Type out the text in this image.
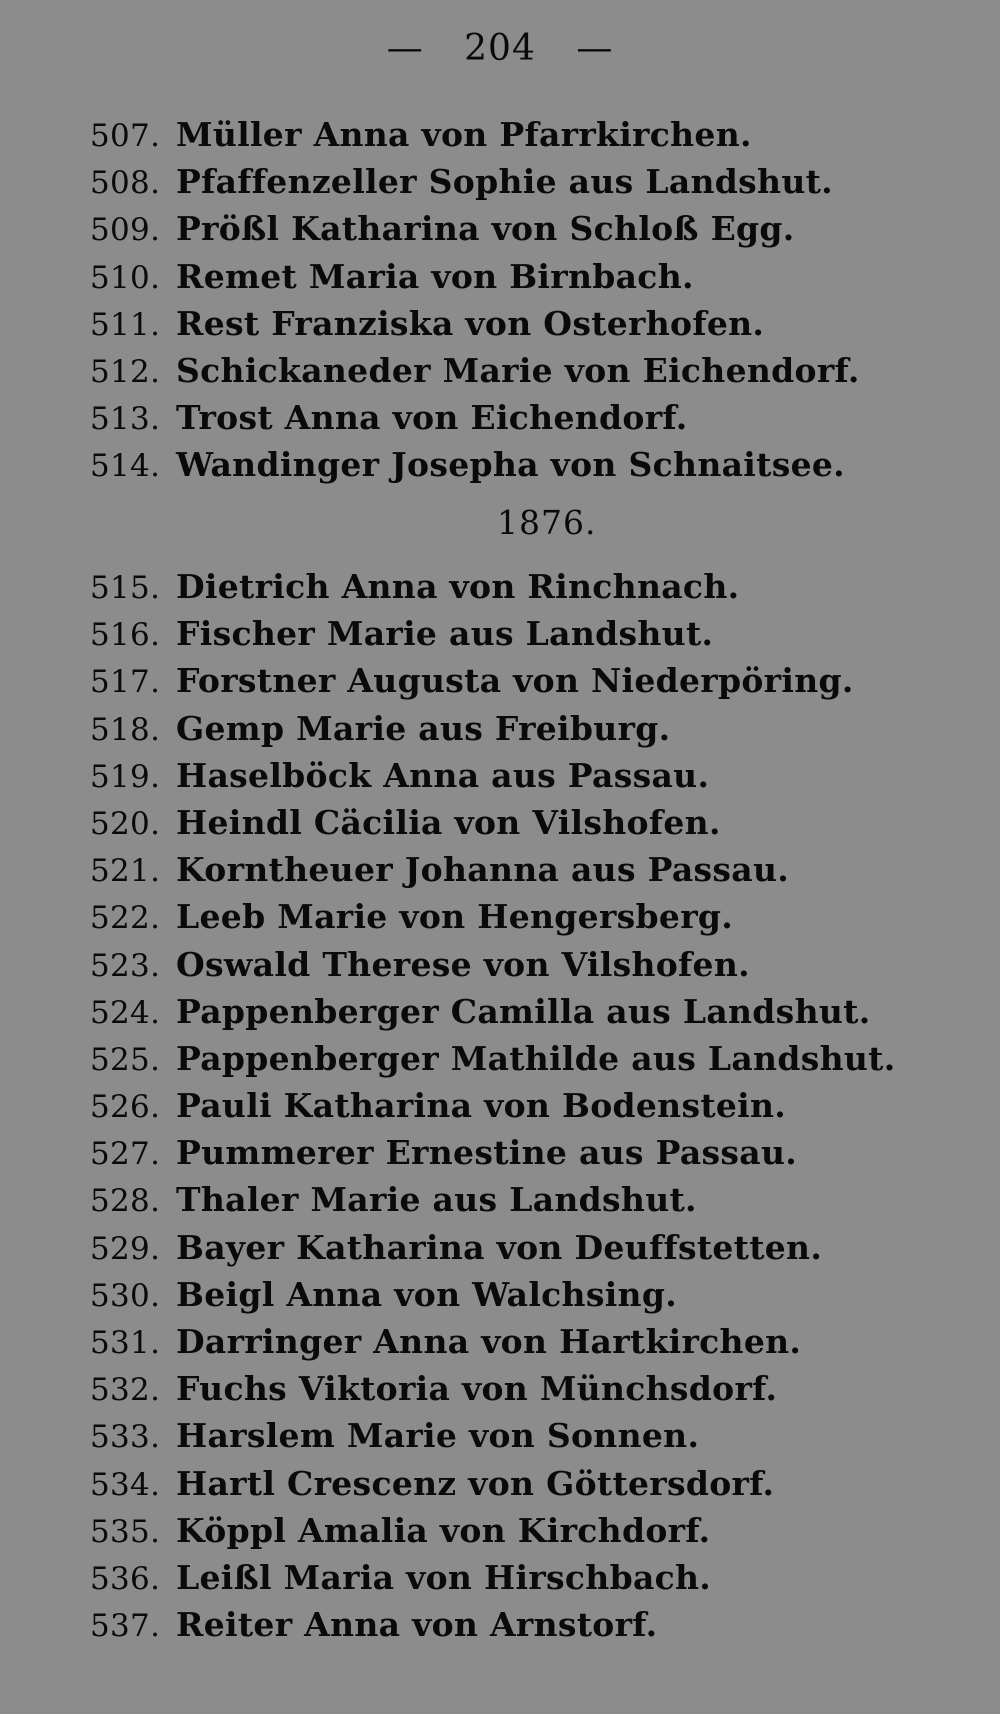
— 204 —
507. Müller Anna von Pfarrkirchen.
508. Pfaffenzeller Sophie aus Landshut.
509. Prößl Katharina von Schloß Egg.
510. Remet Maria von Birnbach.
511. Rest Franziska von Osterhofen.
512. Schickaneder Marie von Eichendorf.
513. Trost Anna von Eichendorf.
514. Wandinger Josepha von Schnaitsee.
1876.
515. Dietrich Anna von Rinchnach.
516. Fischer Marie aus Landshut.
517. Forstner Augusta von Niederpöring.
518. Gemp Marie aus Freiburg.
519. Haselböck Anna aus Passau.
520. Heindl Cäcilia von Vilshofen.
521. Korntheuer Johanna aus Passau.
522. Leeb Marie von Hengersberg.
523. Oswald Therese von Vilshofen.
524. Pappenberger Camilla aus Landshut.
525. Pappenberger Mathilde aus Landshut.
526. Pauli Katharina von Bodenstein.
527. Pummerer Ernestine aus Passau.
528. Thaler Marie aus Landshut.
529. Bayer Katharina von Deuffstetten.
530. Beigl Anna von Walchsing.
531. Darringer Anna von Hartkirchen.
532. Fuchs Viktoria von Münchsdorf.
533. Harslem Marie von Sonnen.
534. Hartl Crescenz von Göttersdorf.
535. Köppl Amalia von Kirchdorf.
536. Leißl Maria von Hirschbach.
537. Reiter Anna von Arnstorf.
